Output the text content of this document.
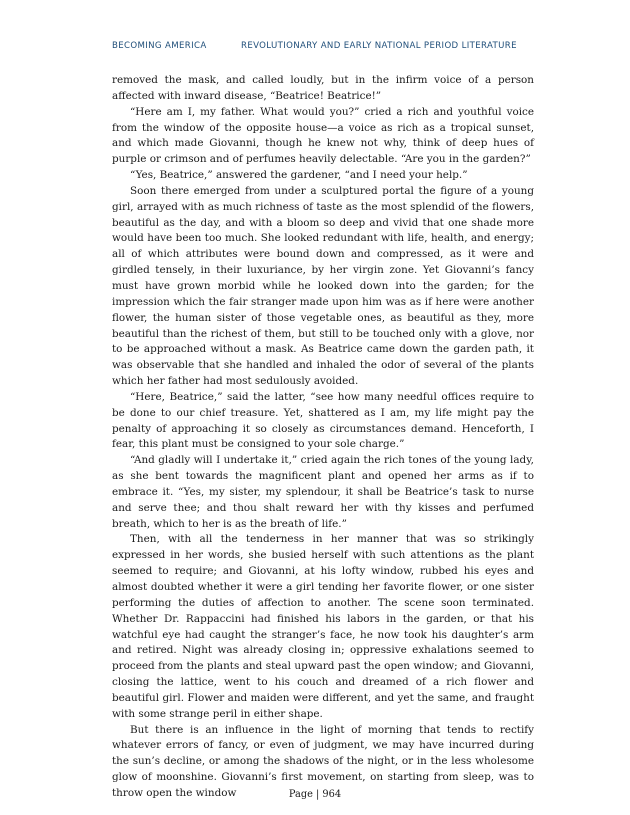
BECOMING AMERICA	REVOLUTIONARY AND EARLY NATIONAL PERIOD LITERATURE

removed the mask, and called loudly, but in the infirm voice of a person affected with inward disease, “Beatrice! Beatrice!”

“Here am I, my father. What would you?” cried a rich and youthful voice from the window of the opposite house—a voice as rich as a tropical sunset, and which made Giovanni, though he knew not why, think of deep hues of purple or crimson and of perfumes heavily delectable. “Are you in the garden?”

“Yes, Beatrice,” answered the gardener, “and I need your help.”

Soon there emerged from under a sculptured portal the figure of a young girl, arrayed with as much richness of taste as the most splendid of the flowers, beautiful as the day, and with a bloom so deep and vivid that one shade more would have been too much. She looked redundant with life, health, and energy; all of which attributes were bound down and compressed, as it were and girdled tensely, in their luxuriance, by her virgin zone. Yet Giovanni’s fancy must have grown morbid while he looked down into the garden; for the impression which the fair stranger made upon him was as if here were another flower, the human sister of those vegetable ones, as beautiful as they, more beautiful than the richest of them, but still to be touched only with a glove, nor to be approached without a mask. As Beatrice came down the garden path, it was observable that she handled and inhaled the odor of several of the plants which her father had most sedulously avoided.

“Here, Beatrice,” said the latter, “see how many needful offices require to be done to our chief treasure. Yet, shattered as I am, my life might pay the penalty of approaching it so closely as circumstances demand. Henceforth, I fear, this plant must be consigned to your sole charge.”

“And gladly will I undertake it,” cried again the rich tones of the young lady, as she bent towards the magnificent plant and opened her arms as if to embrace it. “Yes, my sister, my splendour, it shall be Beatrice’s task to nurse and serve thee; and thou shalt reward her with thy kisses and perfumed breath, which to her is as the breath of life.”

Then, with all the tenderness in her manner that was so strikingly expressed in her words, she busied herself with such attentions as the plant seemed to require; and Giovanni, at his lofty window, rubbed his eyes and almost doubted whether it were a girl tending her favorite flower, or one sister performing the duties of affection to another. The scene soon terminated. Whether Dr. Rappaccini had finished his labors in the garden, or that his watchful eye had caught the stranger’s face, he now took his daughter’s arm and retired. Night was already closing in; oppressive exhalations seemed to proceed from the plants and steal upward past the open window; and Giovanni, closing the lattice, went to his couch and dreamed of a rich flower and beautiful girl. Flower and maiden were different, and yet the same, and fraught with some strange peril in either shape.

But there is an influence in the light of morning that tends to rectify whatever errors of fancy, or even of judgment, we may have incurred during the sun’s decline, or among the shadows of the night, or in the less wholesome glow of moonshine. Giovanni’s first movement, on starting from sleep, was to throw open the window	Page | 964
